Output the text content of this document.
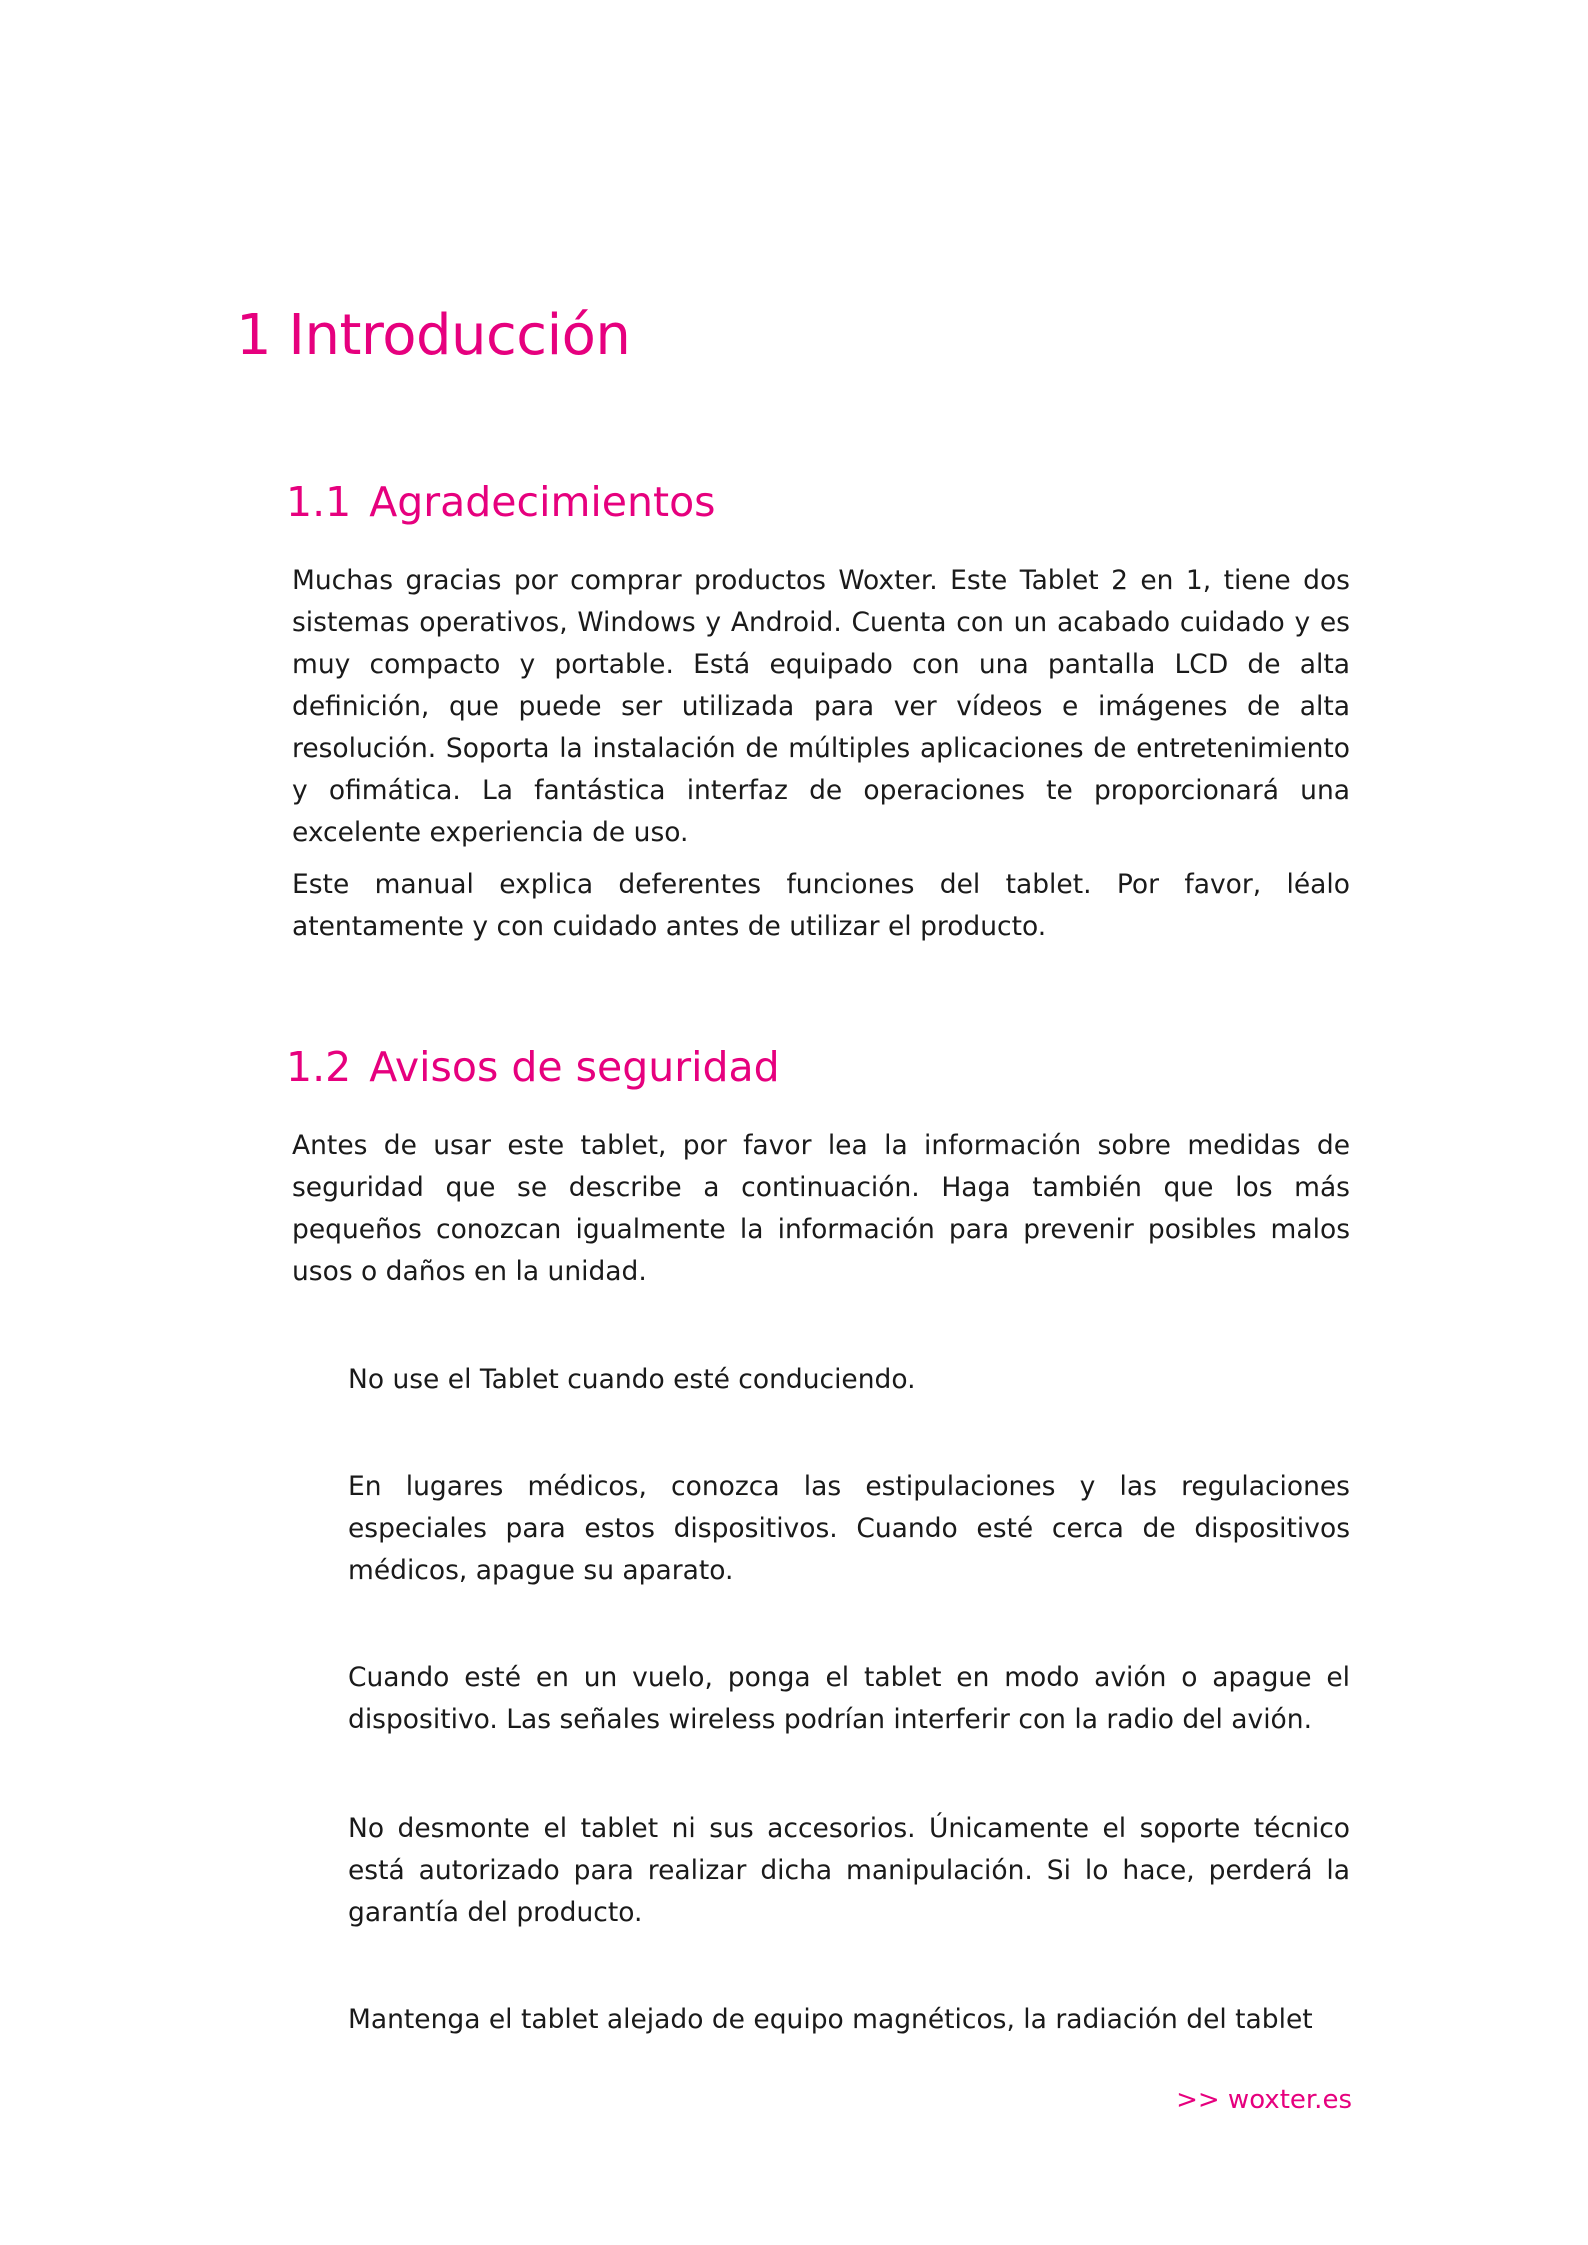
1 Introducción
1.1 Agradecimientos

Muchas gracias por comprar productos Woxter. Este Tablet 2 en 1, tiene dos sistemas operativos, Windows y Android. Cuenta con un acabado cuidado y es muy compacto y portable. Está equipado con una pantalla LCD de alta definición, que puede ser utilizada para ver vídeos e imágenes de alta resolución. Soporta la instalación de múltiples aplicaciones de entretenimiento y ofimática. La fantástica interfaz de operaciones te proporcionará una excelente experiencia de uso.

Este manual explica deferentes funciones del tablet. Por favor, léalo atentamente y con cuidado antes de utilizar el producto.

1.2 Avisos de seguridad

Antes de usar este tablet, por favor lea la información sobre medidas de seguridad que se describe a continuación. Haga también que los más pequeños conozcan igualmente la información para prevenir posibles malos usos o daños en la unidad.

No use el Tablet cuando esté conduciendo.

En lugares médicos, conozca las estipulaciones y las regulaciones especiales para estos dispositivos. Cuando esté cerca de dispositivos médicos, apague su aparato.

Cuando esté en un vuelo, ponga el tablet en modo avión o apague el dispositivo. Las señales wireless podrían interferir con la radio del avión.

No desmonte el tablet ni sus accesorios. Únicamente el soporte técnico está autorizado para realizar dicha manipulación. Si lo hace, perderá la garantía del producto.

Mantenga el tablet alejado de equipo magnéticos, la radiación del tablet

>> woxter.es
